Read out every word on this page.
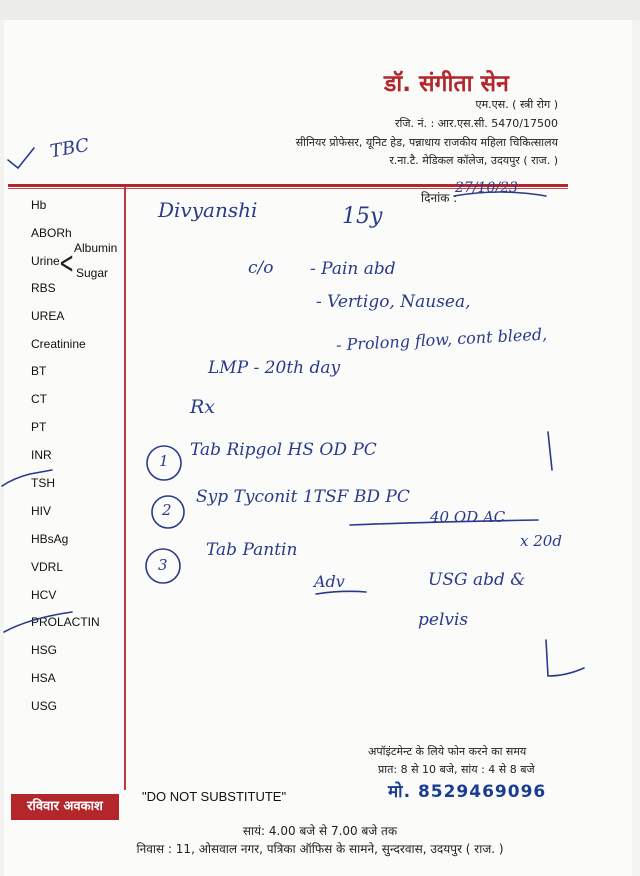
डॉ. संगीता सेन
एम.एस. ( स्त्री रोग )
रजि. नं. : आर.एस.सी. 5470/17500
सीनियर प्रोफेसर, यूनिट हेड, पन्नाधाय राजकीय महिला चिकित्सालय
र.ना.टै. मेडिकल कॉलेज, उदयपुर ( राज. )
दिनांक :
Hb
ABORh
Urine < Albumin
Sugar
RBS
UREA
Creatinine
BT
CT
PT
INR
TSH
HIV
HBsAg
VDRL
HCV
PROLACTIN
HSG
HSA
USG
TBC
27/10/23
Divyanshi	15y
c/o - Pain abd
- Vertigo, Nausea,
- Prolong flow, cont bleed,
LMP - 20th day
Rx
1
Tab Ripgol HS OD PC
2
Syp Tyconit 1TSF BD PC
3
Tab Pantin
40 OD AC
x 20d
Adv	USG abd &
pelvis
अपॉइंटमेन्ट के लिये फोन करने का समय
प्रात: 8 से 10 बजे, सांय : 4 से 8 बजे
मो. 8529469096
रविवार अवकाश
"DO NOT SUBSTITUTE"
सायं: 4.00 बजे से 7.00 बजे तक
निवास : 11, ओसवाल नगर, पत्रिका ऑफिस के सामने, सुन्दरवास, उदयपुर ( राज. )
